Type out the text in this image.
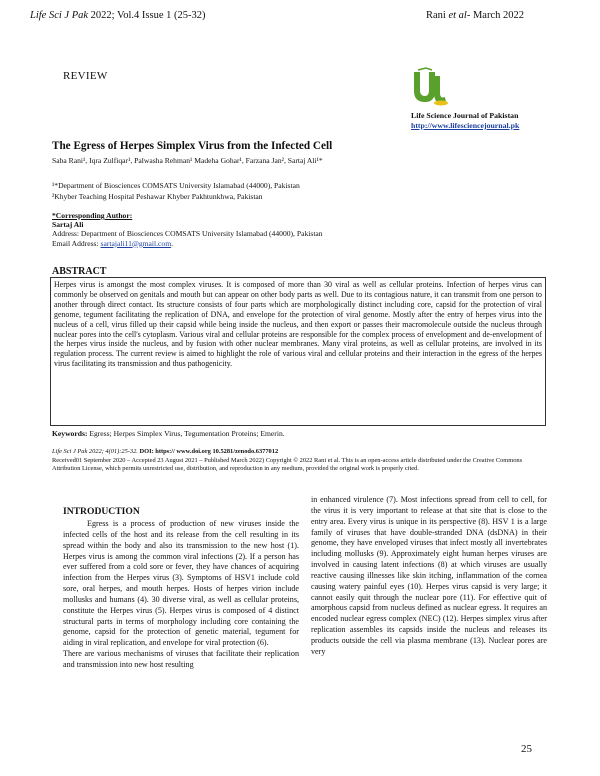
Life Sci J Pak 2022; Vol.4 Issue 1 (25-32)	Rani et al- March 2022
REVIEW
Life Science Journal of Pakistan
http://www.lifesciencejournal.pk
The Egress of Herpes Simplex Virus from the Infected Cell
Saba Rani¹, Iqra Zulfiqar¹, Palwasha Rehman¹ Madeha Gohar¹, Farzana Jan², Sartaj Ali¹*
¹*Department of Biosciences COMSATS University Islamabad (44000), Pakistan
²Khyber Teaching Hospital Peshawar Khyber Pakhtunkhwa, Pakistan
*Corresponding Author:
Sartaj Ali
Address: Department of Biosciences COMSATS University Islamabad (44000), Pakistan
Email Address: sartajali11@gmail.com.
ABSTRACT

Herpes virus is amongst the most complex viruses. It is composed of more than 30 viral as well as cellular proteins. Infection of herpes virus can commonly be observed on genitals and mouth but can appear on other body parts as well. Due to its contagious nature, it can transmit from one person to another through direct contact. Its structure consists of four parts which are morphologically distinct including core, capsid for the protection of viral genome, tegument facilitating the replication of DNA, and envelope for the protection of viral genome. Mostly after the entry of herpes virus into the nucleus of a cell, virus filled up their capsid while being inside the nucleus, and then export or passes their macromolecule outside the nucleus through nuclear pores into the cell's cytoplasm. Various viral and cellular proteins are responsible for the complex process of envelopment and de-envelopment of the herpes virus inside the nucleus, and by fusion with other nuclear membranes. Many viral proteins, as well as cellular proteins, are involved in its regulation process. The current review is aimed to highlight the role of various viral and cellular proteins and their interaction in the egress of the herpes virus facilitating its transmission and thus pathogenicity.

Keywords: Egress; Herpes Simplex Virus, Tegumentation Proteins; Emerin.
Life Sci J Pak 2022; 4(01):25-32. DOI: https:// www.doi.org 10.5281/zenodo.6377012
Received01 September 2020 – Accepted 23 August 2021 – Published March 2022) Copyright © 2022 Rani et al. This is an open-access article distributed under the Creative Commons Attribution License, which permits unrestricted use, distribution, and reproduction in any medium, provided the original work is properly cited.
INTRODUCTION

Egress is a process of production of new viruses inside the infected cells of the host and its release from the cell resulting in its spread within the body and also its transmission to the new host (1). Herpes virus is among the common viral infections (2). If a person has ever suffered from a cold sore or fever, they have chances of acquiring infection from the Herpes virus (3). Symptoms of HSV1 include cold sore, oral herpes, and mouth herpes. Hosts of herpes virion include mollusks and humans (4). 30 diverse viral, as well as cellular proteins, constitute the Herpes virus (5). Herpes virus is composed of 4 distinct structural parts in terms of morphology including core containing the genome, capsid for the protection of genetic material, tegument for aiding in viral replication, and envelope for viral protection (6).

There are various mechanisms of viruses that facilitate their replication and transmission into new host resulting

in enhanced virulence (7). Most infections spread from cell to cell, for the virus it is very important to release at that site that is close to the entry area. Every virus is unique in its perspective (8). HSV 1 is a large family of viruses that have double-stranded DNA (dsDNA) in their genome, they have enveloped viruses that infect mostly all invertebrates including mollusks (9). Approximately eight human herpes viruses are involved in causing latent infections (8) at which viruses are usually reactive causing illnesses like skin itching, inflammation of the cornea causing watery painful eyes (10). Herpes virus capsid is very large; it cannot easily quit through the nuclear pore (11). For effective quit of amorphous capsid from nucleus defined as nuclear egress. It requires an encoded nuclear egress complex (NEC) (12). Herpes simplex virus after replication assembles its capsids inside the nucleus and releases its products outside the cell via plasma membrane (13). Nuclear pores are very

25
